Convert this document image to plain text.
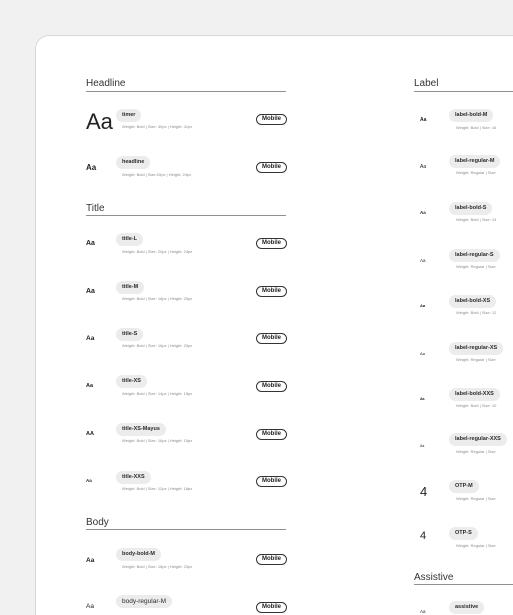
Headline
Aa	timer
Weight: Bold | Size: 40px | Height: 41px
Mobile
Aa
headline
Weight: Bold | Size:20px | Height: 24px
Mobile
Title
Aa
title-L
Weight: Bold | Size: 20px | Height: 24px
Mobile
Aa
title-M
Weight: Bold | Size: 18px | Height: 20px
Mobile
Aa
title-S
Weight: Bold | Size: 16px | Height: 20px
Mobile
Aa
title-XS
Weight: Bold | Size: 14px | Height: 15px
Mobile
AA
title-XS-Mayus
Weight: Bold | Size: 16px | Height: 15px
Mobile
Aa
title-XXS
Weight: Bold | Size: 12px | Height: 18px
Mobile
Body
Aa
body-bold-M
Weight: Bold | Size: 16px | Height: 20px
Mobile
Aa
body-regular-M
Mobile
Label
Aa
label-bold-M
Weight: Bold | Size: 16
Aa
label-regular-M
Weight: Regular | Size
Aa
label-bold-S
Weight: Bold | Size: 14
Aa
label-regular-S
Weight: Regular | Size
Aa
label-bold-XS
Weight: Bold | Size: 12
Aa
label-regular-XS
Weight: Regular | Size
Aa
label-bold-XXS
Weight: Bold | Size: 10
Aa
label-regular-XXS
Weight: Regular | Size
4	OTP-M
Weight: Regular | Size
4	OTP-S
Weight: Regular | Size
Assistive
Aa
assistive
